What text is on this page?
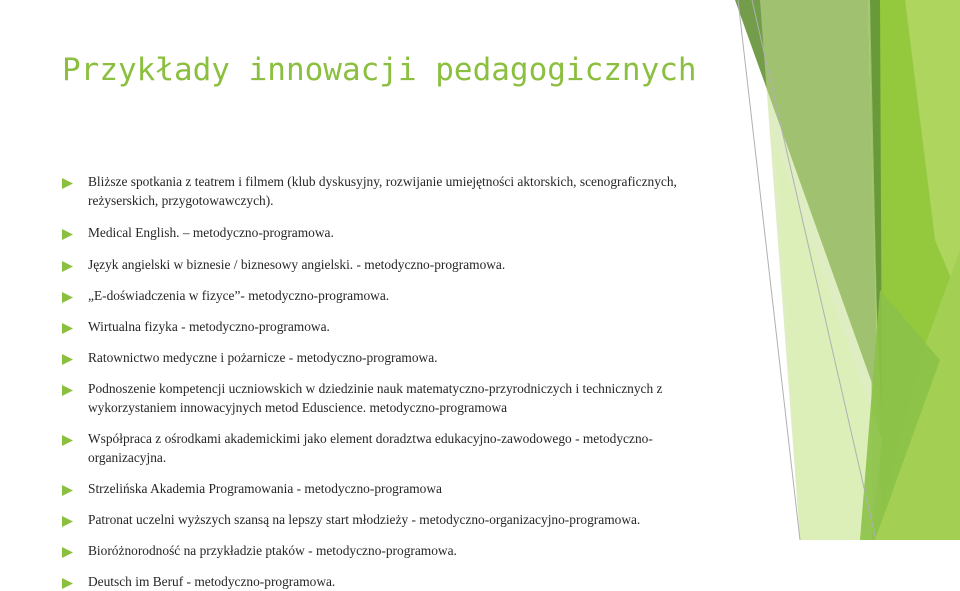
Przykłady innowacji pedagogicznych
Bliższe spotkania z teatrem i filmem (klub dyskusyjny, rozwijanie umiejętności aktorskich, scenograficznych, reżyserskich, przygotowawczych).
Medical English. – metodyczno-programowa.
Język angielski w biznesie / biznesowy angielski. - metodyczno-programowa.
„E-doświadczenia w fizyce”- metodyczno-programowa.
Wirtualna fizyka - metodyczno-programowa.
Ratownictwo medyczne i pożarnicze - metodyczno-programowa.
Podnoszenie kompetencji uczniowskich w dziedzinie nauk matematyczno-przyrodniczych i technicznych z wykorzystaniem innowacyjnych metod Eduscience. metodyczno-programowa
Współpraca z ośrodkami akademickimi jako element doradztwa edukacyjno-zawodowego - metodyczno-organizacyjna.
Strzelińska Akademia Programowania - metodyczno-programowa
Patronat uczelni wyższych szansą na lepszy start młodzieży - metodyczno-organizacyjno-programowa.
Bioróżnorodność na przykładzie ptaków - metodyczno-programowa.
Deutsch im Beruf - metodyczno-programowa.
